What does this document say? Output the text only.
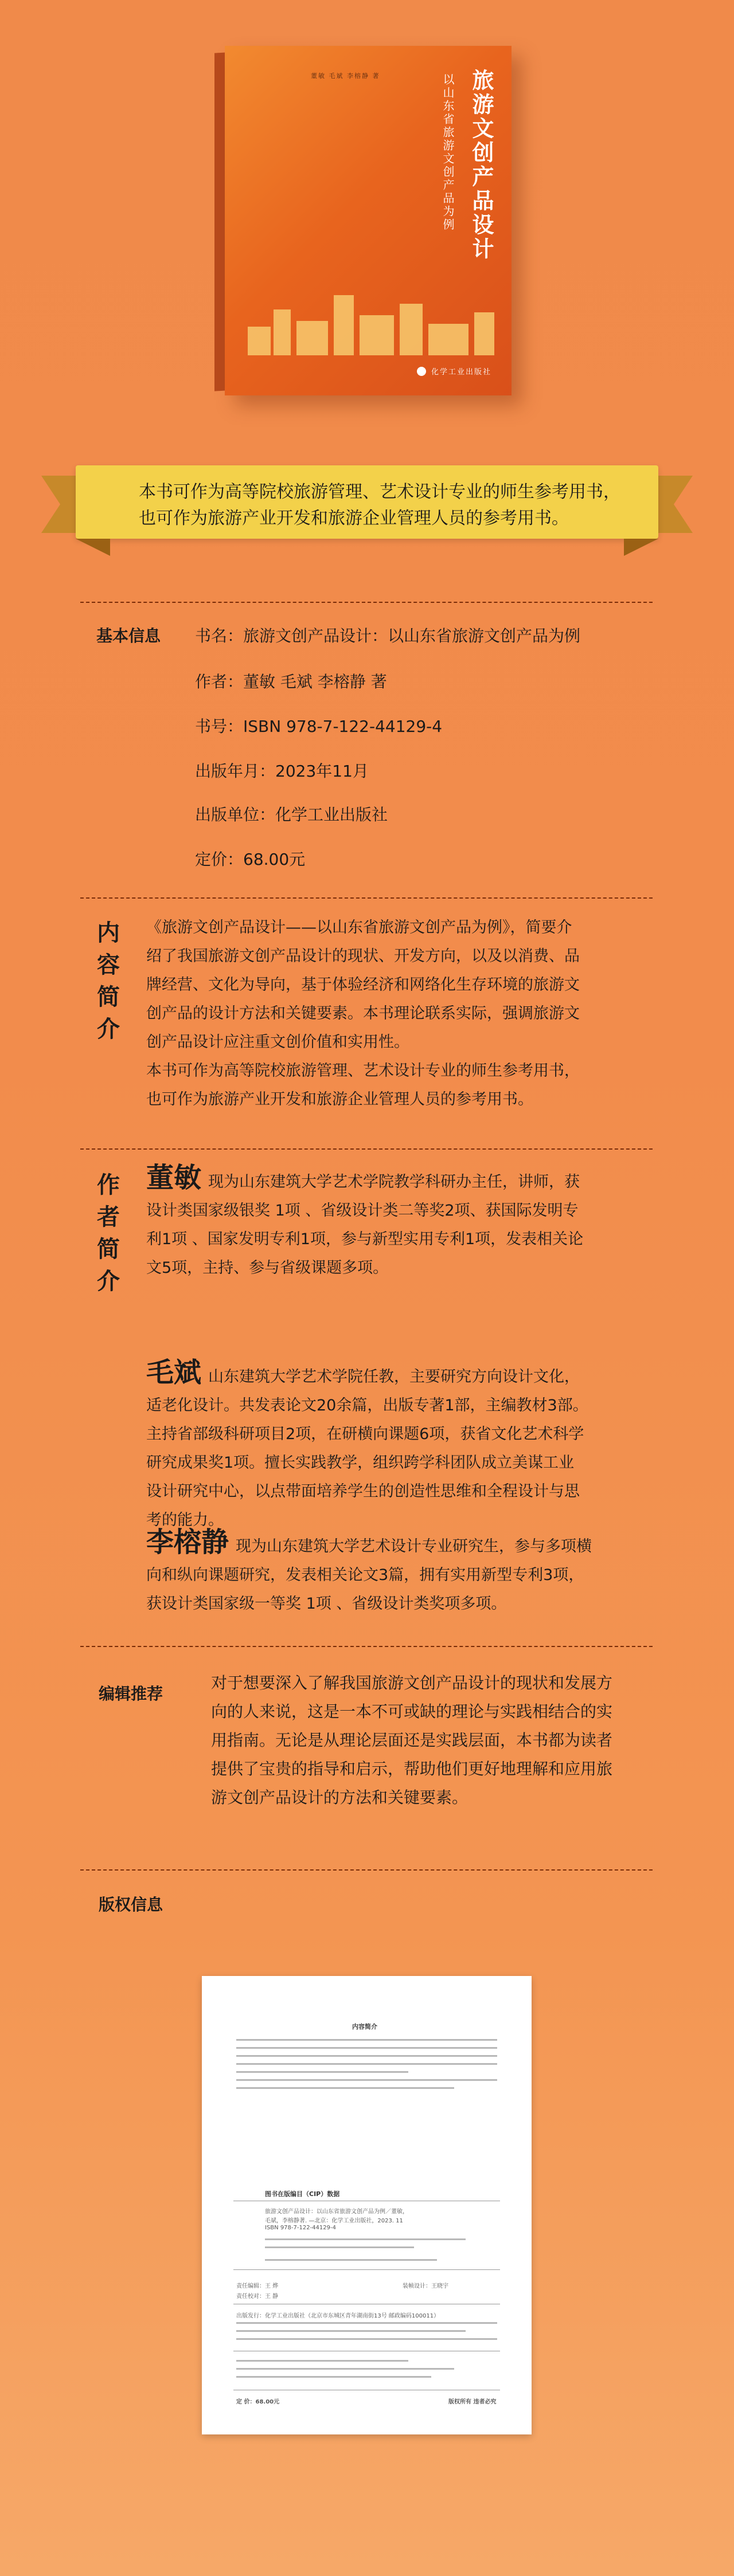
董敏 毛斌 李榕静 著	旅游文创产品设计
以山东省旅游文创产品为例
化学工业出版社
本书可作为高等院校旅游管理、艺术设计专业的师生参考用书，
也可作为旅游产业开发和旅游企业管理人员的参考用书。
基本信息 书名：旅游文创产品设计：以山东省旅游文创产品为例
作者：董敏 毛斌 李榕静 著
书号：ISBN 978-7-122-44129-4
出版年月：2023年11月
出版单位：化学工业出版社
定价：68.00元
内
容
简
介
《旅游文创产品设计——以山东省旅游文创产品为例》，简要介
绍了我国旅游文创产品设计的现状、开发方向，以及以消费、品
牌经营、文化为导向，基于体验经济和网络化生存环境的旅游文
创产品的设计方法和关键要素。本书理论联系实际，强调旅游文
创产品设计应注重文创价值和实用性。
本书可作为高等院校旅游管理、艺术设计专业的师生参考用书，
也可作为旅游产业开发和旅游企业管理人员的参考用书。
作
者
简
介
董敏 现为山东建筑大学艺术学院教学科研办主任，讲师，获
设计类国家级银奖 1项 、省级设计类二等奖2项、获国际发明专
利1项 、国家发明专利1项，参与新型实用专利1项，发表相关论
文5项，主持、参与省级课题多项。
毛斌 山东建筑大学艺术学院任教，主要研究方向设计文化，
适老化设计。共发表论文20余篇，出版专著1部，主编教材3部。
主持省部级科研项目2项，在研横向课题6项，获省文化艺术科学
研究成果奖1项。擅长实践教学，组织跨学科团队成立美谋工业
设计研究中心，以点带面培养学生的创造性思维和全程设计与思
考的能力。
李榕静 现为山东建筑大学艺术设计专业研究生，参与多项横
向和纵向课题研究，发表相关论文3篇，拥有实用新型专利3项，
获设计类国家级一等奖 1项 、省级设计类奖项多项。
编辑推荐
对于想要深入了解我国旅游文创产品设计的现状和发展方
向的人来说，这是一本不可或缺的理论与实践相结合的实
用指南。无论是从理论层面还是实践层面，本书都为读者
提供了宝贵的指导和启示，帮助他们更好地理解和应用旅
游文创产品设计的方法和关键要素。
版权信息
内容简介
图书在版编目（CIP）数据
旅游文创产品设计：以山东省旅游文创产品为例／董敏，
毛斌，李榕静著. —北京：化学工业出版社，2023. 11
ISBN 978-7-122-44129-4
责任编辑：王 烨	装帧设计：王晓宇
责任校对：王 静
出版发行：化学工业出版社（北京市东城区青年湖南街13号 邮政编码100011）
定 价：68.00元	版权所有 违者必究
